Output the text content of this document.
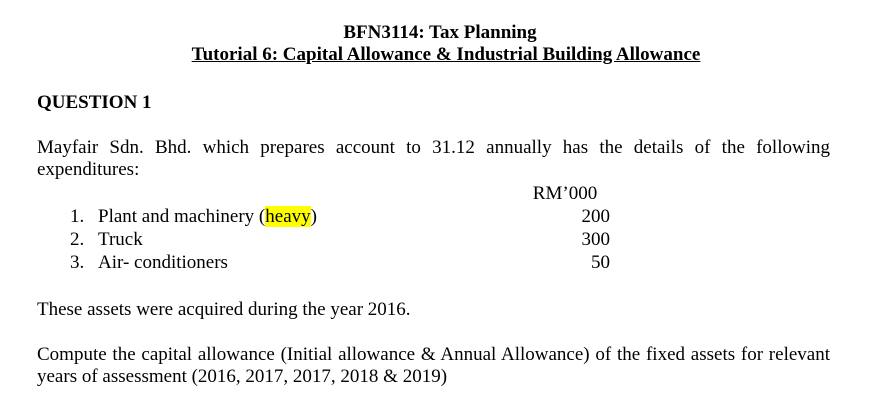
BFN3114: Tax Planning
Tutorial 6: Capital Allowance & Industrial Building Allowance
QUESTION 1
Mayfair Sdn. Bhd. which prepares account to 31.12 annually has the details of the following expenditures:
RM’000
1. Plant and machinery (heavy)	200
2. Truck	300
3. Air- conditioners	50
These assets were acquired during the year 2016.
Compute the capital allowance (Initial allowance & Annual Allowance) of the fixed assets for relevant years of assessment (2016, 2017, 2017, 2018 & 2019)
